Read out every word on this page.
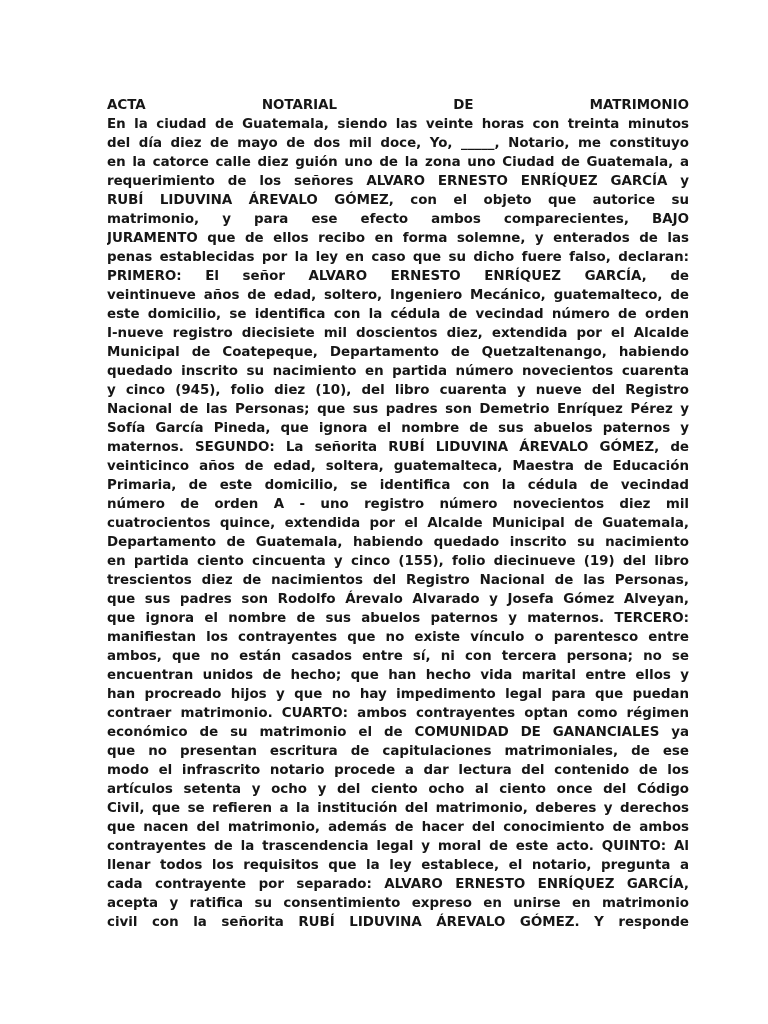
ACTA	NOTARIAL	DE	MATRIMONIO
En la ciudad de Guatemala, siendo las veinte horas con treinta minutos
del día diez de mayo de dos mil doce, Yo, _____, Notario, me constituyo
en la catorce calle diez guión uno de la zona uno Ciudad de Guatemala, a
requerimiento de los señores ALVARO ERNESTO ENRÍQUEZ GARCÍA y
RUBÍ LIDUVINA ÁREVALO GÓMEZ, con el objeto que autorice su
matrimonio, y para ese efecto ambos comparecientes, BAJO
JURAMENTO que de ellos recibo en forma solemne, y enterados de las
penas establecidas por la ley en caso que su dicho fuere falso, declaran:
PRIMERO: El señor ALVARO ERNESTO ENRÍQUEZ GARCÍA, de
veintinueve años de edad, soltero, Ingeniero Mecánico, guatemalteco, de
este domicilio, se identifica con la cédula de vecindad número de orden
I-nueve registro diecisiete mil doscientos diez, extendida por el Alcalde
Municipal de Coatepeque, Departamento de Quetzaltenango, habiendo
quedado inscrito su nacimiento en partida número novecientos cuarenta
y cinco (945), folio diez (10), del libro cuarenta y nueve del Registro
Nacional de las Personas; que sus padres son Demetrio Enríquez Pérez y
Sofía García Pineda, que ignora el nombre de sus abuelos paternos y
maternos. SEGUNDO: La señorita RUBÍ LIDUVINA ÁREVALO GÓMEZ, de
veinticinco años de edad, soltera, guatemalteca, Maestra de Educación
Primaria, de este domicilio, se identifica con la cédula de vecindad
número de orden A - uno registro número novecientos diez mil
cuatrocientos quince, extendida por el Alcalde Municipal de Guatemala,
Departamento de Guatemala, habiendo quedado inscrito su nacimiento
en partida ciento cincuenta y cinco (155), folio diecinueve (19) del libro
trescientos diez de nacimientos del Registro Nacional de las Personas,
que sus padres son Rodolfo Árevalo Alvarado y Josefa Gómez Alveyan,
que ignora el nombre de sus abuelos paternos y maternos. TERCERO:
manifiestan los contrayentes que no existe vínculo o parentesco entre
ambos, que no están casados entre sí, ni con tercera persona; no se
encuentran unidos de hecho; que han hecho vida marital entre ellos y
han procreado hijos y que no hay impedimento legal para que puedan
contraer matrimonio. CUARTO: ambos contrayentes optan como régimen
económico de su matrimonio el de COMUNIDAD DE GANANCIALES ya
que no presentan escritura de capitulaciones matrimoniales, de ese
modo el infrascrito notario procede a dar lectura del contenido de los
artículos setenta y ocho y del ciento ocho al ciento once del Código
Civil, que se refieren a la institución del matrimonio, deberes y derechos
que nacen del matrimonio, además de hacer del conocimiento de ambos
contrayentes de la trascendencia legal y moral de este acto. QUINTO: Al
llenar todos los requisitos que la ley establece, el notario, pregunta a
cada contrayente por separado: ALVARO ERNESTO ENRÍQUEZ GARCÍA,
acepta y ratifica su consentimiento expreso en unirse en matrimonio
civil con la señorita RUBÍ LIDUVINA ÁREVALO GÓMEZ. Y responde
